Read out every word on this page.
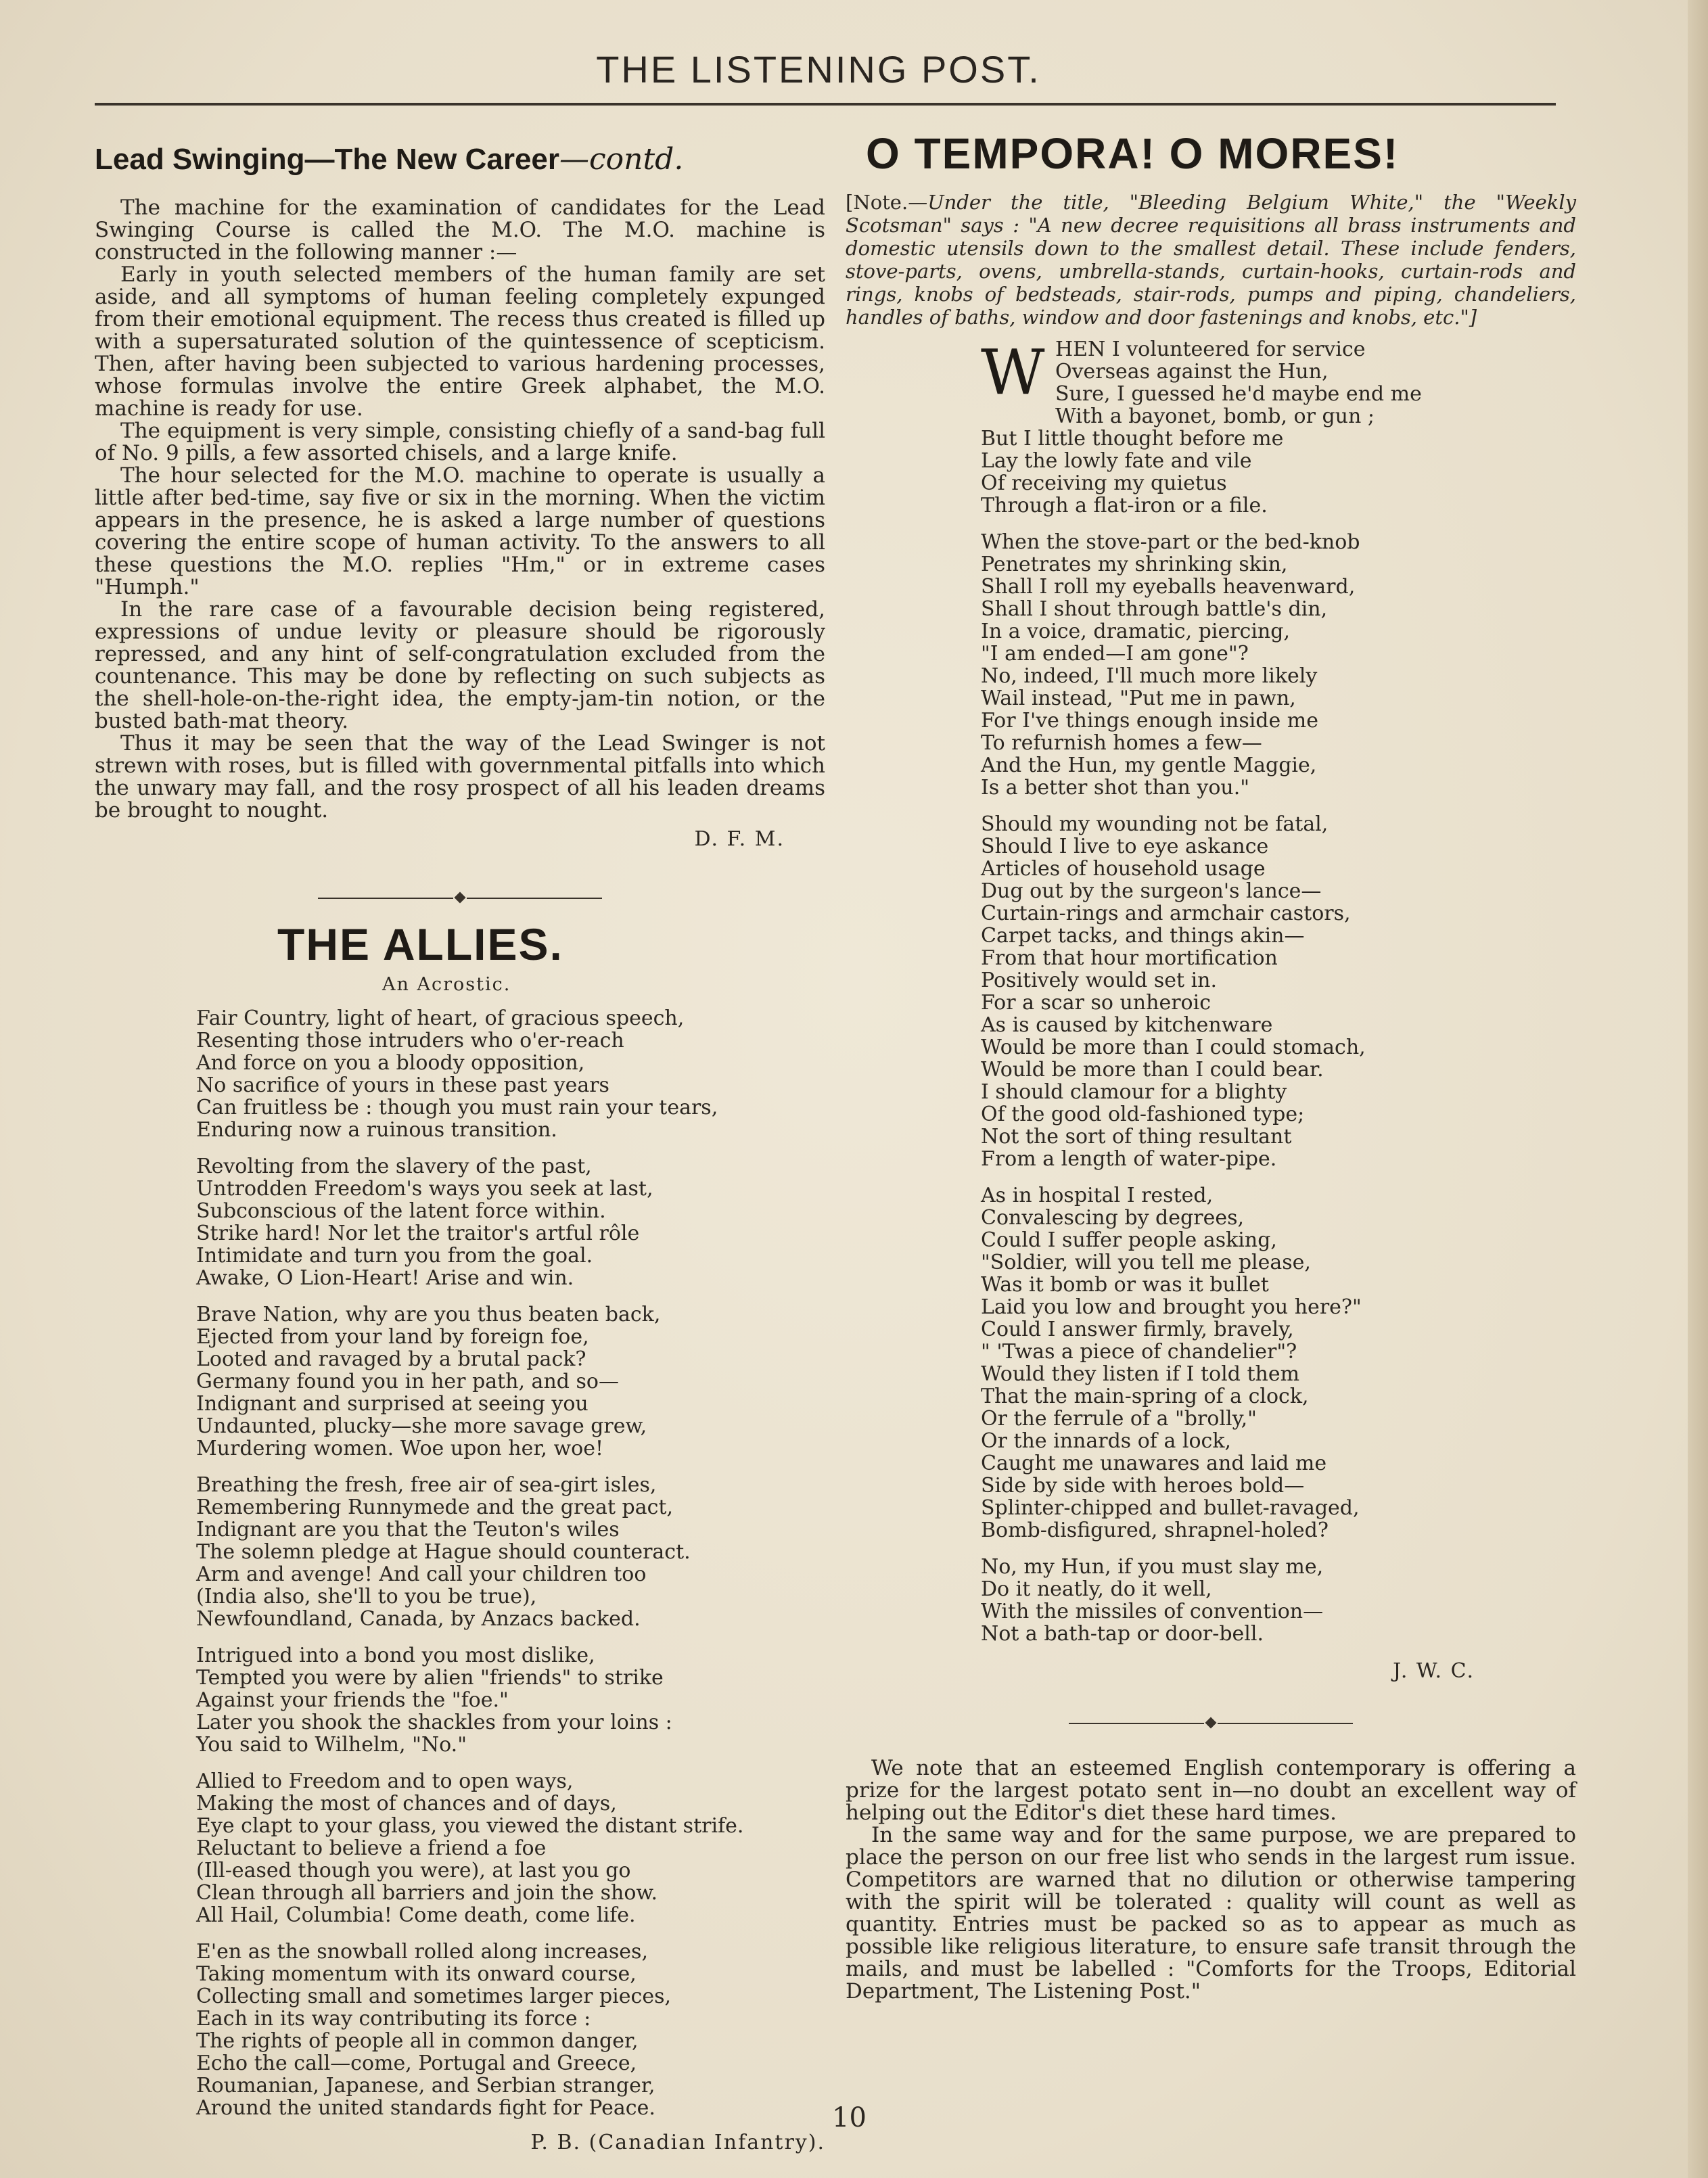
THE LISTENING POST.
Lead Swinging—The New Career—contd.

The machine for the examination of candidates for the Lead Swinging Course is called the M.O. The M.O. machine is constructed in the following manner :—

Early in youth selected members of the human family are set aside, and all symptoms of human feeling completely expunged from their emotional equipment. The recess thus created is filled up with a supersaturated solution of the quintessence of scepticism. Then, after having been subjected to various hardening processes, whose formulas involve the entire Greek alphabet, the M.O. machine is ready for use.

The equipment is very simple, consisting chiefly of a sand-bag full of No. 9 pills, a few assorted chisels, and a large knife.

The hour selected for the M.O. machine to operate is usually a little after bed-time, say five or six in the morning. When the victim appears in the presence, he is asked a large number of questions covering the entire scope of human activity. To the answers to all these questions the M.O. replies "Hm," or in extreme cases "Humph."

In the rare case of a favourable decision being registered, expressions of undue levity or pleasure should be rigorously repressed, and any hint of self-congratulation excluded from the countenance. This may be done by reflecting on such subjects as the shell-hole-on-the-right idea, the empty-jam-tin notion, or the busted bath-mat theory.

Thus it may be seen that the way of the Lead Swinger is not strewn with roses, but is filled with governmental pitfalls into which the unwary may fall, and the rosy prospect of all his leaden dreams be brought to nought.

D. F. M.
THE ALLIES.
An Acrostic.
Fair Country, light of heart, of gracious speech,
Resenting those intruders who o'er-reach
And force on you a bloody opposition,
No sacrifice of yours in these past years
Can fruitless be : though you must rain your tears,
Enduring now a ruinous transition.
Revolting from the slavery of the past,
Untrodden Freedom's ways you seek at last,
Subconscious of the latent force within.
Strike hard! Nor let the traitor's artful rôle
Intimidate and turn you from the goal.
Awake, O Lion-Heart! Arise and win.
Brave Nation, why are you thus beaten back,
Ejected from your land by foreign foe,
Looted and ravaged by a brutal pack?
Germany found you in her path, and so—
Indignant and surprised at seeing you
Undaunted, plucky—she more savage grew,
Murdering women. Woe upon her, woe!
Breathing the fresh, free air of sea-girt isles,
Remembering Runnymede and the great pact,
Indignant are you that the Teuton's wiles
The solemn pledge at Hague should counteract.
Arm and avenge! And call your children too
(India also, she'll to you be true),
Newfoundland, Canada, by Anzacs backed.
Intrigued into a bond you most dislike,
Tempted you were by alien "friends" to strike
Against your friends the "foe."
Later you shook the shackles from your loins :
You said to Wilhelm, "No."
Allied to Freedom and to open ways,
Making the most of chances and of days,
Eye clapt to your glass, you viewed the distant strife.
Reluctant to believe a friend a foe
(Ill-eased though you were), at last you go
Clean through all barriers and join the show.
All Hail, Columbia! Come death, come life.
E'en as the snowball rolled along increases,
Taking momentum with its onward course,
Collecting small and sometimes larger pieces,
Each in its way contributing its force :
The rights of people all in common danger,
Echo the call—come, Portugal and Greece,
Roumanian, Japanese, and Serbian stranger,
Around the united standards fight for Peace.
P. B. (Canadian Infantry).
O TEMPORA! O MORES!
[Note.—Under the title, "Bleeding Belgium White," the "Weekly Scotsman" says : "A new decree requisitions all brass instruments and domestic utensils down to the smallest detail. These include fenders, stove-parts, ovens, umbrella-stands, curtain-hooks, curtain-rods and rings, knobs of bedsteads, stair-rods, pumps and piping, chandeliers, handles of baths, window and door fastenings and knobs, etc."]
W HEN I volunteered for service
Overseas against the Hun,
Sure, I guessed he'd maybe end me
With a bayonet, bomb, or gun ;
But I little thought before me
Lay the lowly fate and vile
Of receiving my quietus
Through a flat-iron or a file.
When the stove-part or the bed-knob
Penetrates my shrinking skin,
Shall I roll my eyeballs heavenward,
Shall I shout through battle's din,
In a voice, dramatic, piercing,
"I am ended—I am gone"?
No, indeed, I'll much more likely
Wail instead, "Put me in pawn,
For I've things enough inside me
To refurnish homes a few—
And the Hun, my gentle Maggie,
Is a better shot than you."
Should my wounding not be fatal,
Should I live to eye askance
Articles of household usage
Dug out by the surgeon's lance—
Curtain-rings and armchair castors,
Carpet tacks, and things akin—
From that hour mortification
Positively would set in.
For a scar so unheroic
As is caused by kitchenware
Would be more than I could stomach,
Would be more than I could bear.
I should clamour for a blighty
Of the good old-fashioned type;
Not the sort of thing resultant
From a length of water-pipe.
As in hospital I rested,
Convalescing by degrees,
Could I suffer people asking,
"Soldier, will you tell me please,
Was it bomb or was it bullet
Laid you low and brought you here?"
Could I answer firmly, bravely,
" 'Twas a piece of chandelier"?
Would they listen if I told them
That the main-spring of a clock,
Or the ferrule of a "brolly,"
Or the innards of a lock,
Caught me unawares and laid me
Side by side with heroes bold—
Splinter-chipped and bullet-ravaged,
Bomb-disfigured, shrapnel-holed?
No, my Hun, if you must slay me,
Do it neatly, do it well,
With the missiles of convention—
Not a bath-tap or door-bell.
J. W. C.

We note that an esteemed English contemporary is offering a prize for the largest potato sent in—no doubt an excellent way of helping out the Editor's diet these hard times.

In the same way and for the same purpose, we are prepared to place the person on our free list who sends in the largest rum issue. Competitors are warned that no dilution or otherwise tampering with the spirit will be tolerated : quality will count as well as quantity. Entries must be packed so as to appear as much as possible like religious literature, to ensure safe transit through the mails, and must be labelled : "Comforts for the Troops, Editorial Department, The Listening Post."

10
